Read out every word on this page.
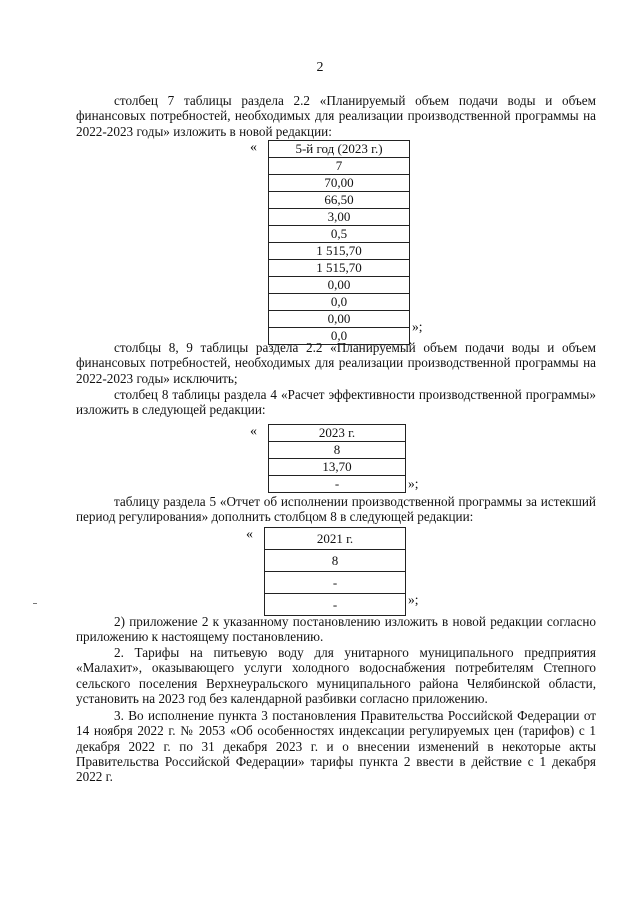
2

столбец 7 таблицы раздела 2.2 «Планируемый объем подачи воды и объем финансовых потребностей, необходимых для реализации производственной программы на 2022-2023 годы» изложить в новой редакции:

«	5-й год (2023 г.)
7
70,00
66,50
3,00
0,5
1 515,70
1 515,70
0,00
0,0
0,00
0,0
»;

столбцы 8, 9 таблицы раздела 2.2 «Планируемый объем подачи воды и объем финансовых потребностей, необходимых для реализации производственной программы на 2022-2023 годы» исключить;

столбец 8 таблицы раздела 4 «Расчет эффективности производственной программы» изложить в следующей редакции:

«	2023 г.
8
13,70
-	»;

таблицу раздела 5 «Отчет об исполнении производственной программы за истекший период регулирования» дополнить столбцом 8 в следующей редакции:

«	2021 г.
8
-
-	»;

2) приложение 2 к указанному постановлению изложить в новой редакции согласно приложению к настоящему постановлению.

2. Тарифы на питьевую воду для унитарного муниципального предприятия «Малахит», оказывающего услуги холодного водоснабжения потребителям Степного сельского поселения Верхнеуральского муниципального района Челябинской области, установить на 2023 год без календарной разбивки согласно приложению.

3. Во исполнение пункта 3 постановления Правительства Российской Федерации от 14 ноября 2022 г. № 2053 «Об особенностях индексации регулируемых цен (тарифов) с 1 декабря 2022 г. по 31 декабря 2023 г. и о внесении изменений в некоторые акты Правительства Российской Федерации» тарифы пункта 2 ввести в действие с 1 декабря 2022 г.
